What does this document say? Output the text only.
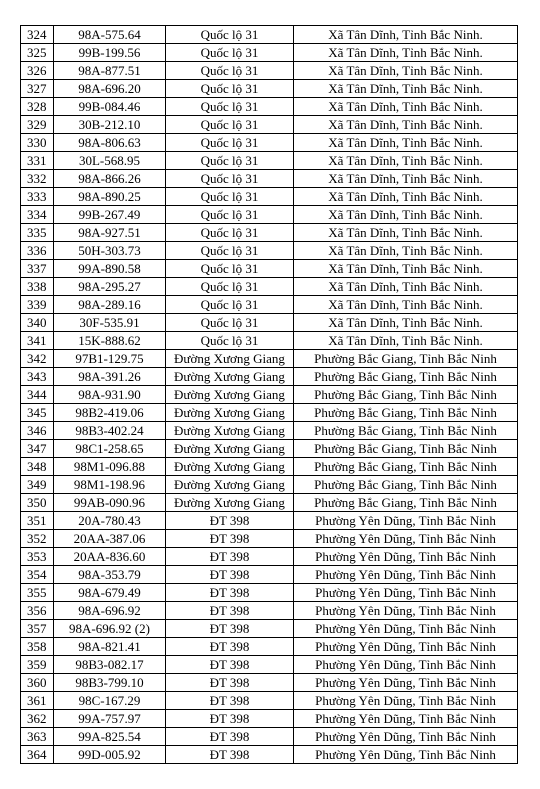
324	98A-575.64	Quốc lộ 31	Xã Tân Dĩnh, Tỉnh Bắc Ninh.
325	99B-199.56	Quốc lộ 31	Xã Tân Dĩnh, Tỉnh Bắc Ninh.
326	98A-877.51	Quốc lộ 31	Xã Tân Dĩnh, Tỉnh Bắc Ninh.
327	98A-696.20	Quốc lộ 31	Xã Tân Dĩnh, Tỉnh Bắc Ninh.
328	99B-084.46	Quốc lộ 31	Xã Tân Dĩnh, Tỉnh Bắc Ninh.
329	30B-212.10	Quốc lộ 31	Xã Tân Dĩnh, Tỉnh Bắc Ninh.
330	98A-806.63	Quốc lộ 31	Xã Tân Dĩnh, Tỉnh Bắc Ninh.
331	30L-568.95	Quốc lộ 31	Xã Tân Dĩnh, Tỉnh Bắc Ninh.
332	98A-866.26	Quốc lộ 31	Xã Tân Dĩnh, Tỉnh Bắc Ninh.
333	98A-890.25	Quốc lộ 31	Xã Tân Dĩnh, Tỉnh Bắc Ninh.
334	99B-267.49	Quốc lộ 31	Xã Tân Dĩnh, Tỉnh Bắc Ninh.
335	98A-927.51	Quốc lộ 31	Xã Tân Dĩnh, Tỉnh Bắc Ninh.
336	50H-303.73	Quốc lộ 31	Xã Tân Dĩnh, Tỉnh Bắc Ninh.
337	99A-890.58	Quốc lộ 31	Xã Tân Dĩnh, Tỉnh Bắc Ninh.
338	98A-295.27	Quốc lộ 31	Xã Tân Dĩnh, Tỉnh Bắc Ninh.
339	98A-289.16	Quốc lộ 31	Xã Tân Dĩnh, Tỉnh Bắc Ninh.
340	30F-535.91	Quốc lộ 31	Xã Tân Dĩnh, Tỉnh Bắc Ninh.
341	15K-888.62	Quốc lộ 31	Xã Tân Dĩnh, Tỉnh Bắc Ninh.
342	97B1-129.75	Đường Xương Giang	Phường Bắc Giang, Tỉnh Bắc Ninh
343	98A-391.26	Đường Xương Giang	Phường Bắc Giang, Tỉnh Bắc Ninh
344	98A-931.90	Đường Xương Giang	Phường Bắc Giang, Tỉnh Bắc Ninh
345	98B2-419.06	Đường Xương Giang	Phường Bắc Giang, Tỉnh Bắc Ninh
346	98B3-402.24	Đường Xương Giang	Phường Bắc Giang, Tỉnh Bắc Ninh
347	98C1-258.65	Đường Xương Giang	Phường Bắc Giang, Tỉnh Bắc Ninh
348	98M1-096.88	Đường Xương Giang	Phường Bắc Giang, Tỉnh Bắc Ninh
349	98M1-198.96	Đường Xương Giang	Phường Bắc Giang, Tỉnh Bắc Ninh
350	99AB-090.96	Đường Xương Giang	Phường Bắc Giang, Tỉnh Bắc Ninh
351	20A-780.43	ĐT 398	Phường Yên Dũng, Tỉnh Bắc Ninh
352	20AA-387.06	ĐT 398	Phường Yên Dũng, Tỉnh Bắc Ninh
353	20AA-836.60	ĐT 398	Phường Yên Dũng, Tỉnh Bắc Ninh
354	98A-353.79	ĐT 398	Phường Yên Dũng, Tỉnh Bắc Ninh
355	98A-679.49	ĐT 398	Phường Yên Dũng, Tỉnh Bắc Ninh
356	98A-696.92	ĐT 398	Phường Yên Dũng, Tỉnh Bắc Ninh
357	98A-696.92 (2)	ĐT 398	Phường Yên Dũng, Tỉnh Bắc Ninh
358	98A-821.41	ĐT 398	Phường Yên Dũng, Tỉnh Bắc Ninh
359	98B3-082.17	ĐT 398	Phường Yên Dũng, Tỉnh Bắc Ninh
360	98B3-799.10	ĐT 398	Phường Yên Dũng, Tỉnh Bắc Ninh
361	98C-167.29	ĐT 398	Phường Yên Dũng, Tỉnh Bắc Ninh
362	99A-757.97	ĐT 398	Phường Yên Dũng, Tỉnh Bắc Ninh
363	99A-825.54	ĐT 398	Phường Yên Dũng, Tỉnh Bắc Ninh
364	99D-005.92	ĐT 398	Phường Yên Dũng, Tỉnh Bắc Ninh
